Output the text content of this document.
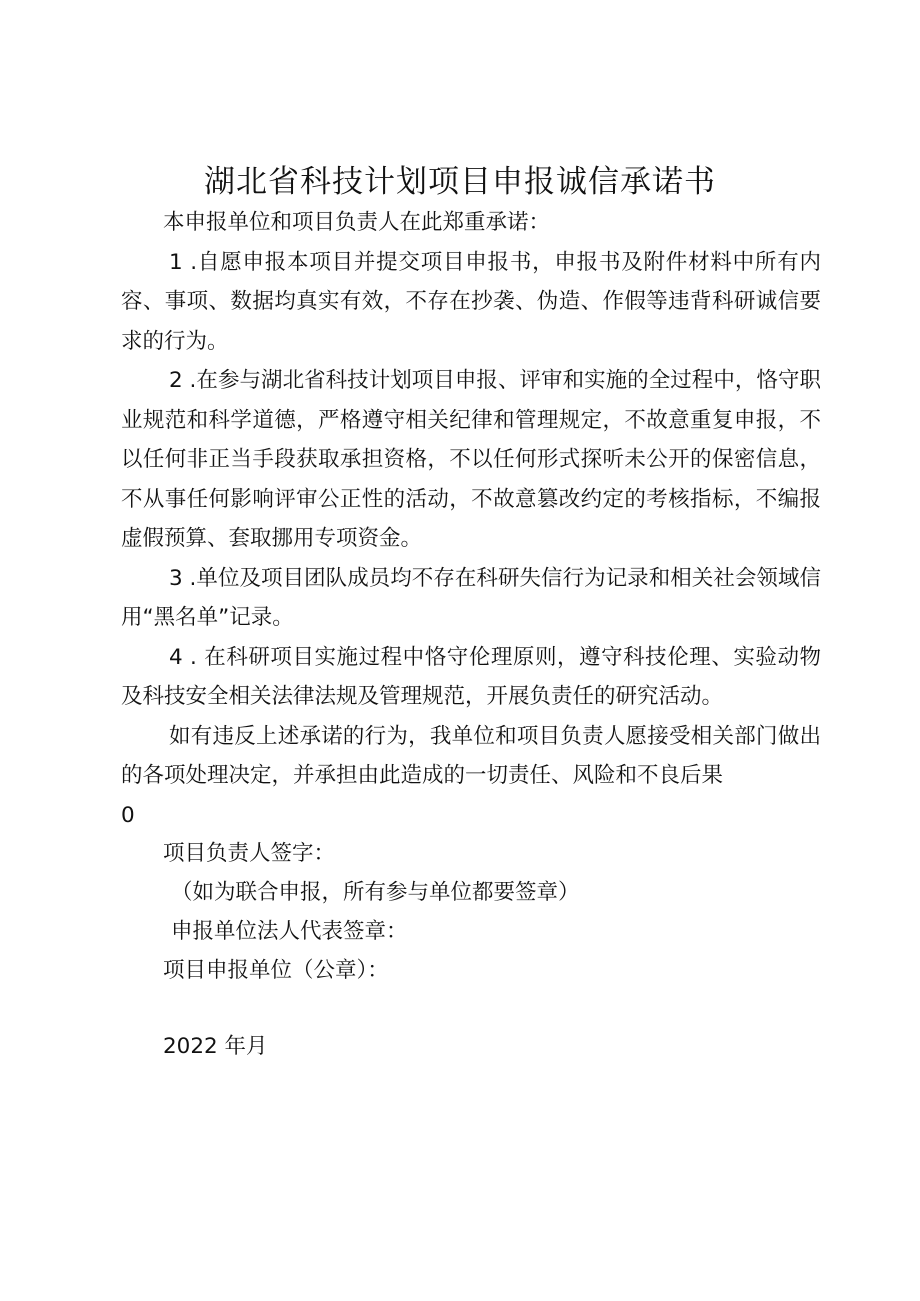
湖北省科技计划项目申报诚信承诺书

本申报单位和项目负责人在此郑重承诺：

1 .自愿申报本项目并提交项目申报书，申报书及附件材料中所有内容、事项、数据均真实有效，不存在抄袭、伪造、作假等违背科研诚信要求的行为。

2 .在参与湖北省科技计划项目申报、评审和实施的全过程中，恪守职业规范和科学道德，严格遵守相关纪律和管理规定，不故意重复申报，不以任何非正当手段获取承担资格，不以任何形式探听未公开的保密信息，不从事任何影响评审公正性的活动，不故意篡改约定的考核指标，不编报虚假预算、套取挪用专项资金。

3 .单位及项目团队成员均不存在科研失信行为记录和相关社会领域信用“黑名单”记录。

4 . 在科研项目实施过程中恪守伦理原则，遵守科技伦理、实验动物及科技安全相关法律法规及管理规范，开展负责任的研究活动。

如有违反上述承诺的行为，我单位和项目负责人愿接受相关部门做出的各项处理决定，并承担由此造成的一切责任、风险和不良后果

0

项目负责人签字：

（如为联合申报，所有参与单位都要签章）

申报单位法人代表签章：

项目申报单位（公章）：

2022 年月
